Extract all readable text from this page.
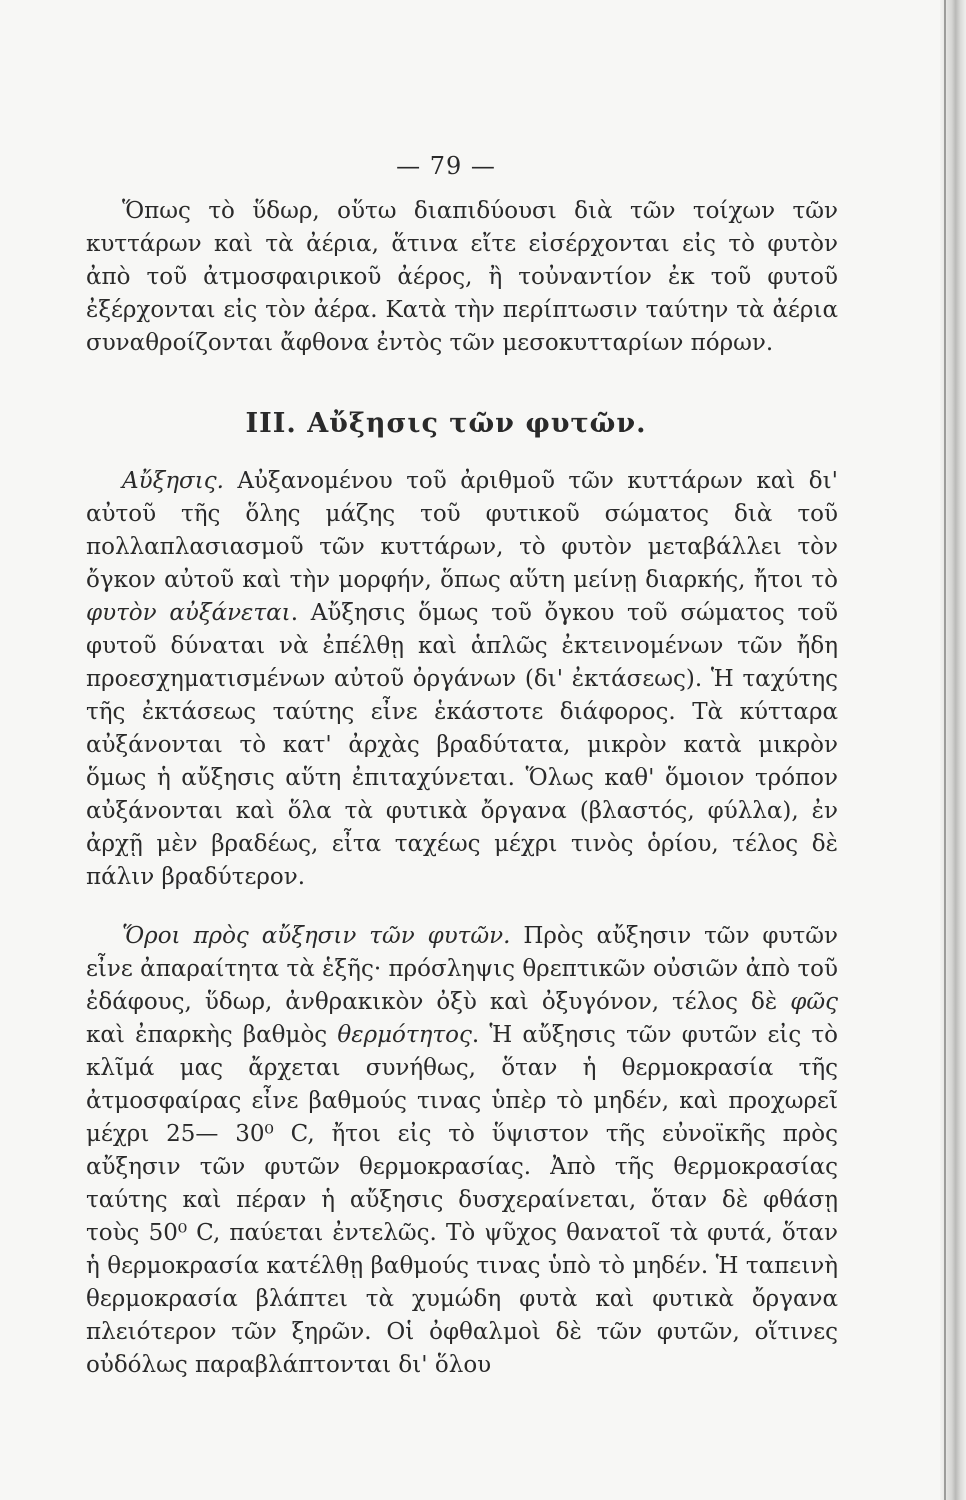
— 79 —

Ὅπως τὸ ὕδωρ, οὕτω διαπιδύουσι διὰ τῶν τοίχων τῶν κυττάρων καὶ τὰ ἀέρια, ἅτινα εἴτε εἰσέρχονται εἰς τὸ φυτὸν ἀπὸ τοῦ ἀτμοσφαιρικοῦ ἀέρος, ἢ τοὐναντίον ἐκ τοῦ φυτοῦ ἐξέρχονται εἰς τὸν ἀέρα. Κατὰ τὴν περίπτωσιν ταύτην τὰ ἀέρια συναθροίζονται ἄφθονα ἐντὸς τῶν μεσοκυτταρίων πόρων.

III. Αὔξησις τῶν φυτῶν.

Αὔξησις. Αὐξανομένου τοῦ ἀριθμοῦ τῶν κυττάρων καὶ δι' αὐτοῦ τῆς ὅλης μάζης τοῦ φυτικοῦ σώματος διὰ τοῦ πολλαπλασιασμοῦ τῶν κυττάρων, τὸ φυτὸν μεταβάλλει τὸν ὄγκον αὐτοῦ καὶ τὴν μορφήν, ὅπως αὕτη μείνῃ διαρκής, ἤτοι τὸ φυτὸν αὐξάνεται. Αὔξησις ὅμως τοῦ ὄγκου τοῦ σώματος τοῦ φυτοῦ δύναται νὰ ἐπέλθῃ καὶ ἁπλῶς ἐκτεινομένων τῶν ἤδη προεσχηματισμένων αὐτοῦ ὀργάνων (δι' ἐκτάσεως). Ἡ ταχύτης τῆς ἐκτάσεως ταύτης εἶνε ἑκάστοτε διάφορος. Τὰ κύτταρα αὐξάνονται τὸ κατ' ἀρχὰς βραδύτατα, μικρὸν κατὰ μικρὸν ὅμως ἡ αὔξησις αὕτη ἐπιταχύνεται. Ὅλως καθ' ὅμοιον τρόπον αὐξάνονται καὶ ὅλα τὰ φυτικὰ ὄργανα (βλαστός, φύλλα), ἐν ἀρχῇ μὲν βραδέως, εἶτα ταχέως μέχρι τινὸς ὁρίου, τέλος δὲ πάλιν βραδύτερον.

Ὅροι πρὸς αὔξησιν τῶν φυτῶν. Πρὸς αὔξησιν τῶν φυτῶν εἶνε ἀπαραίτητα τὰ ἑξῆς· πρόσληψις θρεπτικῶν οὐσιῶν ἀπὸ τοῦ ἐδάφους, ὕδωρ, ἀνθρακικὸν ὀξὺ καὶ ὀξυγόνον, τέλος δὲ φῶς καὶ ἐπαρκὴς βαθμὸς θερμότητος. Ἡ αὔξησις τῶν φυτῶν εἰς τὸ κλῖμά μας ἄρχεται συνήθως, ὅταν ἡ θερμοκρασία τῆς ἀτμοσφαίρας εἶνε βαθμούς τινας ὑπὲρ τὸ μηδέν, καὶ προχωρεῖ μέχρι 25— 30⁰ C, ἤτοι εἰς τὸ ὕψιστον τῆς εὐνοϊκῆς πρὸς αὔξησιν τῶν φυτῶν θερμοκρασίας. Ἀπὸ τῆς θερμοκρασίας ταύτης καὶ πέραν ἡ αὔξησις δυσχεραίνεται, ὅταν δὲ φθάσῃ τοὺς 50⁰ C, παύεται ἐντελῶς. Τὸ ψῦχος θανατοῖ τὰ φυτά, ὅταν ἡ θερμοκρασία κατέλθῃ βαθμούς τινας ὑπὸ τὸ μηδέν. Ἡ ταπεινὴ θερμοκρασία βλάπτει τὰ χυμώδη φυτὰ καὶ φυτικὰ ὄργανα πλειότερον τῶν ξηρῶν. Οἱ ὀφθαλμοὶ δὲ τῶν φυτῶν, οἵτινες οὐδόλως παραβλάπτονται δι' ὅλου
